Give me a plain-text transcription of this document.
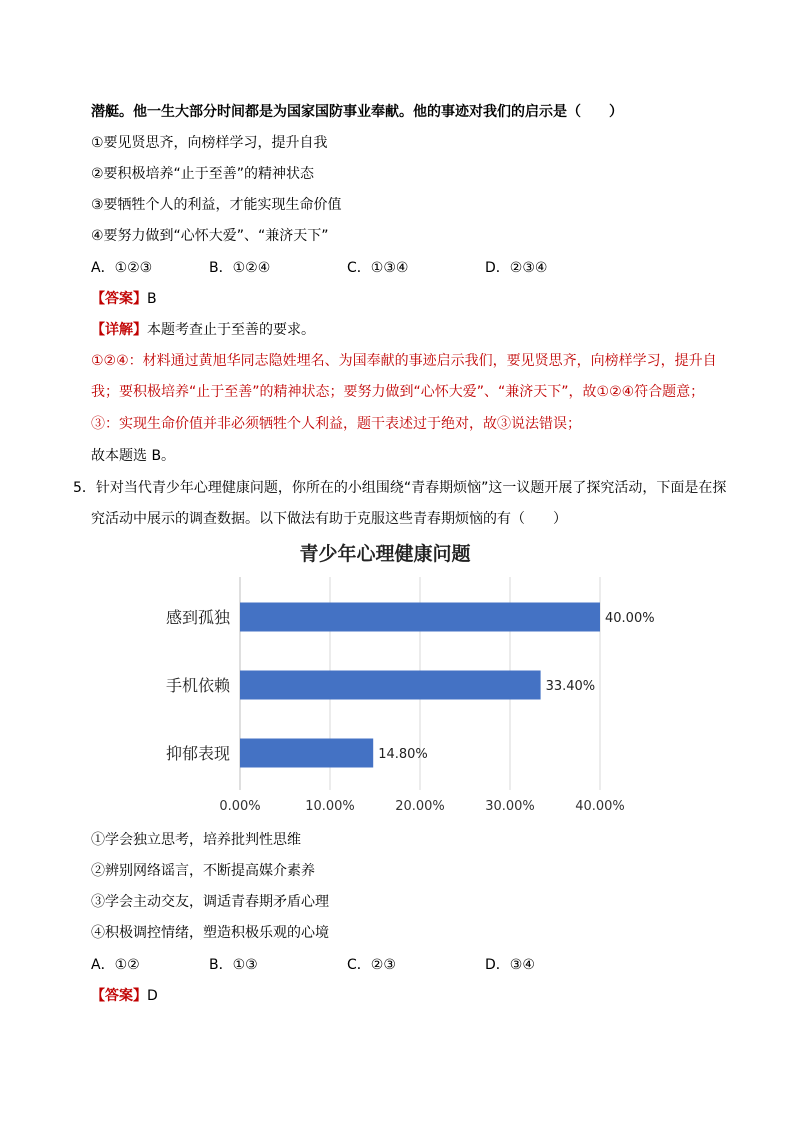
潜艇。他一生大部分时间都是为国家国防事业奉献。他的事迹对我们的启示是（　　）
①要见贤思齐，向榜样学习，提升自我
②要积极培养“止于至善”的精神状态
③要牺牲个人的利益，才能实现生命价值
④要努力做到“心怀大爱”、“兼济天下”
A．①②③	B．①②④	C．①③④	D．②③④
【答案】B
【详解】本题考查止于至善的要求。
①②④：材料通过黄旭华同志隐姓埋名、为国奉献的事迹启示我们，要见贤思齐，向榜样学习，提升自
我；要积极培养“止于至善”的精神状态；要努力做到“心怀大爱”、“兼济天下”，故①②④符合题意；
③：实现生命价值并非必须牺牲个人利益，题干表述过于绝对，故③说法错误；
故本题选 B。
5．针对当代青少年心理健康问题，你所在的小组围绕“青春期烦恼”这一议题开展了探究活动，下面是在探
究活动中展示的调查数据。以下做法有助于克服这些青春期烦恼的有（　　）
青少年心理健康问题
感到孤独
手机依赖
抑郁表现
40.00%
33.40%
14.80%
0.00%	10.00%	20.00%	30.00%	40.00%
①学会独立思考，培养批判性思维
②辨别网络谣言，不断提高媒介素养
③学会主动交友，调适青春期矛盾心理
④积极调控情绪，塑造积极乐观的心境
A．①②	B．①③	C．②③	D．③④
【答案】D
